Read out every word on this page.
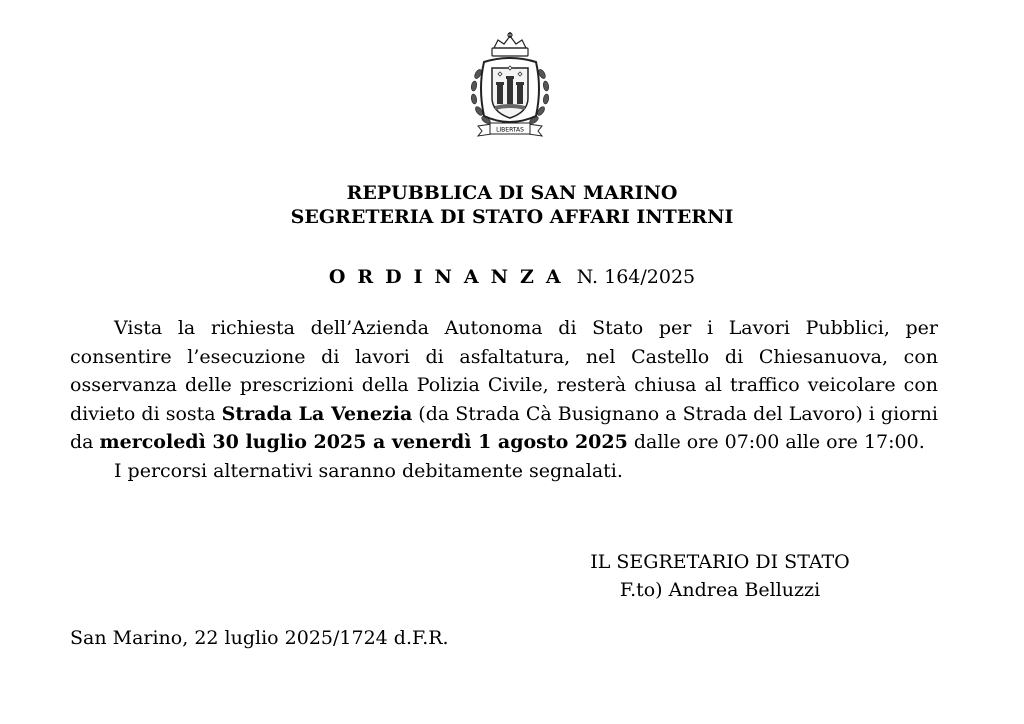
LIBERTAS
REPUBBLICA DI SAN MARINO
SEGRETERIA DI STATO AFFARI INTERNI
ORDINANZA N. 164/2025

Vista la richiesta dell’Azienda Autonoma di Stato per i Lavori Pubblici, per consentire l’esecuzione di lavori di asfaltatura, nel Castello di Chiesanuova, con osservanza delle prescrizioni della Polizia Civile, resterà chiusa al traffico veicolare con divieto di sosta Strada La Venezia (da Strada Cà Busignano a Strada del Lavoro) i giorni da mercoledì 30 luglio 2025 a venerdì 1 agosto 2025 dalle ore 07:00 alle ore 17:00.

I percorsi alternativi saranno debitamente segnalati.

IL SEGRETARIO DI STATO
F.to) Andrea Belluzzi
San Marino, 22 luglio 2025/1724 d.F.R.
